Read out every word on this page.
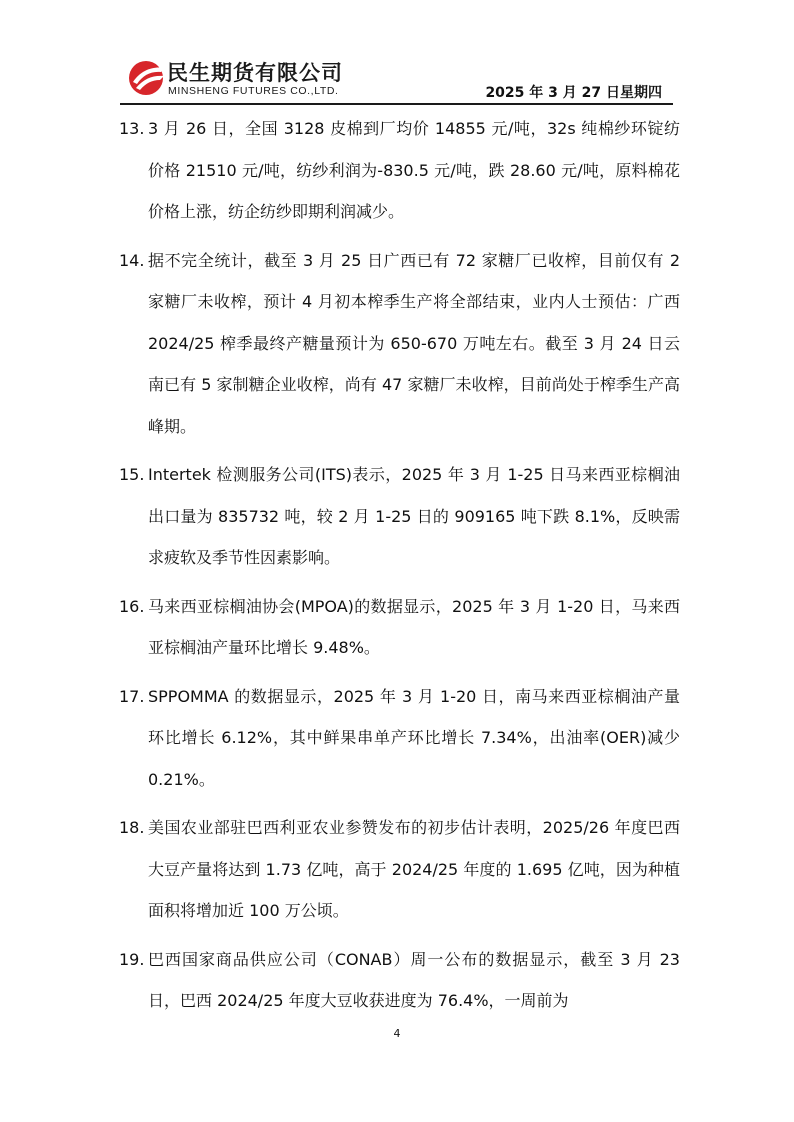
民生期货有限公司
MINSHENG FUTURES CO.,LTD.	2025 年 3 月 27 日星期四
13. 3 月 26 日，全国 3128 皮棉到厂均价 14855 元/吨，32s 纯棉纱环锭纺价格 21510 元/吨，纺纱利润为-830.5 元/吨，跌 28.60 元/吨，原料棉花价格上涨，纺企纺纱即期利润减少。
14. 据不完全统计，截至 3 月 25 日广西已有 72 家糖厂已收榨，目前仅有 2 家糖厂未收榨，预计 4 月初本榨季生产将全部结束，业内人士预估：广西 2024/25 榨季最终产糖量预计为 650-670 万吨左右。截至 3 月 24 日云南已有 5 家制糖企业收榨，尚有 47 家糖厂未收榨，目前尚处于榨季生产高峰期。
15. Intertek 检测服务公司(ITS)表示，2025 年 3 月 1-25 日马来西亚棕榈油出口量为 835732 吨，较 2 月 1-25 日的 909165 吨下跌 8.1%，反映需求疲软及季节性因素影响。
16. 马来西亚棕榈油协会(MPOA)的数据显示，2025 年 3 月 1-20 日，马来西亚棕榈油产量环比增长 9.48%。
17. SPPOMMA 的数据显示，2025 年 3 月 1-20 日，南马来西亚棕榈油产量环比增长 6.12%，其中鲜果串单产环比增长 7.34%，出油率(OER)减少 0.21%。
18. 美国农业部驻巴西利亚农业参赞发布的初步估计表明，2025/26 年度巴西大豆产量将达到 1.73 亿吨，高于 2024/25 年度的 1.695 亿吨，因为种植面积将增加近 100 万公顷。
19. 巴西国家商品供应公司（CONAB）周一公布的数据显示，截至 3 月 23 日，巴西 2024/25 年度大豆收获进度为 76.4%，一周前为
4
